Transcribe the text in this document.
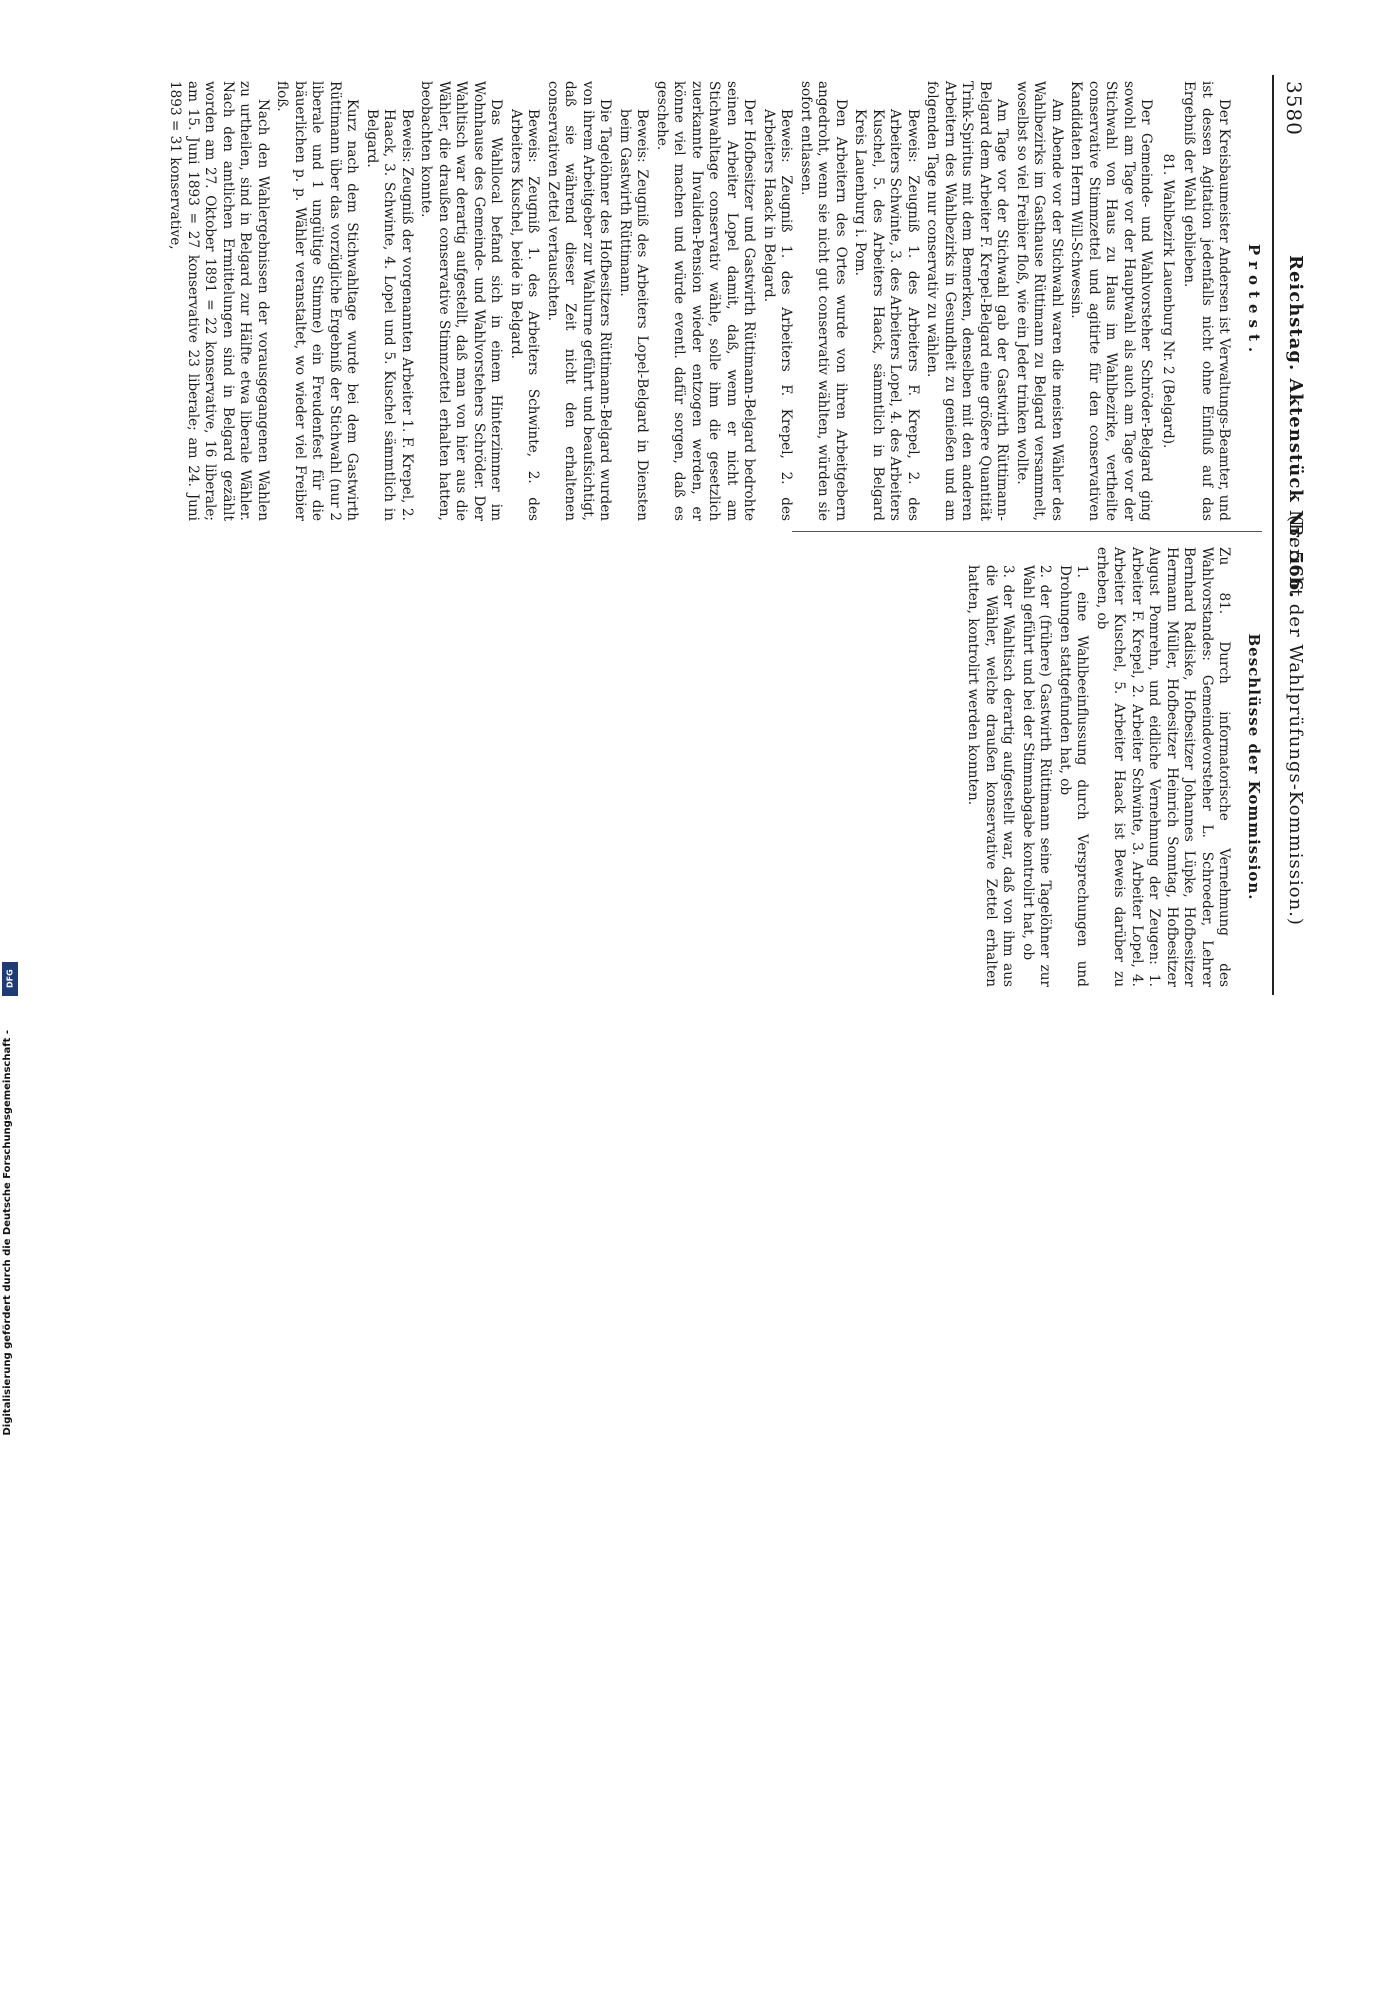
3580
Reichstag. Aktenstück Nr. 566.
(Bericht der Wahlprüfungs-Kommission.)
Protest.

Der Kreisbaumeister Andersen ist Verwaltungs-Beamter, und ist dessen Agitation jedenfalls nicht ohne Einfluß auf das Ergebniß der Wahl geblieben.

81. Wahlbezirk Lauenburg Nr. 2 (Belgard).

Der Gemeinde- und Wahlvorsteher Schröder-Belgard ging sowohl am Tage vor der Hauptwahl als auch am Tage vor der Stichwahl von Haus zu Haus im Wahlbezirke, vertheilte conservative Stimmzettel und agitirte für den conservativen Kandidaten Herrn Will-Schwessin.

Am Abende vor der Stichwahl waren die meisten Wähler des Wahlbezirks im Gasthause Rüttimann zu Belgard versammelt, woselbst so viel Freibier floß, wie ein Jeder trinken wollte.

Am Tage vor der Stichwahl gab der Gastwirth Rüttimann-Belgard dem Arbeiter F. Krepel-Belgard eine größere Quantität Trink-Spiritus mit dem Bemerken, denselben mit den anderen Arbeitern des Wahlbezirks in Gesundheit zu genießen und am folgenden Tage nur conservativ zu wählen.

Beweis: Zeugniß 1. des Arbeiters F. Krepel, 2. des Arbeiters Schwinte, 3. des Arbeiters Lopel, 4. des Arbeiters Kuschel, 5. des Arbeiters Haack, sämmtlich in Belgard Kreis Lauenburg i. Pom.

Den Arbeitern des Ortes wurde von ihren Arbeitgebern angedroht, wenn sie nicht gut conservativ wählten, würden sie sofort entlassen.

Beweis: Zeugniß 1. des Arbeiters F. Krepel, 2. des Arbeiters Haack in Belgard.

Der Hofbesitzer und Gastwirth Rüttimann-Belgard bedrohte seinen Arbeiter Lopel damit, daß, wenn er nicht am Stichwahltage conservativ wähle, solle ihm die gesetzlich zuerkannte Invaliden-Pension wieder entzogen werden, er könne viel machen und würde eventl. dafür sorgen, daß es geschehe.

Beweis: Zeugniß des Arbeiters Lopel-Belgard in Diensten beim Gastwirth Rüttimann.

Die Tagelöhner des Hofbesitzers Rüttimann-Belgard wurden von ihrem Arbeitgeber zur Wahlurne geführt und beaufsichtigt, daß sie während dieser Zeit nicht den erhaltenen conservativen Zettel vertauschten.

Beweis: Zeugniß 1. des Arbeiters Schwinte, 2. des Arbeiters Kuschel, beide in Belgard.

Das Wahllocal befand sich in einem Hinterzimmer im Wohnhause des Gemeinde- und Wahlvorstehers Schröder. Der Wahltisch war derartig aufgestellt, daß man von hier aus die Wähler, die draußen conservative Stimmzettel erhalten hatten, beobachten konnte.

Beweis: Zeugniß der vorgenannten Arbeiter 1. F. Krepel, 2. Haack, 3. Schwinte, 4. Lopel und 5. Kuschel sämmtlich in Belgard.

Kurz nach dem Stichwahltage wurde bei dem Gastwirth Rüttimann über das vorzügliche Ergebniß der Stichwahl (nur 2 liberale und 1 ungültige Stimme) ein Freudenfest für die bäuerlichen p. p. Wähler veranstaltet, wo wieder viel Freibier floß.

Nach den Wahlergebnissen der vorausgegangenen Wahlen zu urtheilen, sind in Belgard zur Hälfte etwa liberale Wähler. Nach den amtlichen Ermittelungen sind in Belgard gezählt worden am 27. Oktober 1891 = 22 konservative, 16 liberale; am 15. Juni 1893 = 27 konservative 23 liberale; am 24. Juni 1893 = 31 konservative,

Beschlüsse der Kommission.

Zu 81. Durch informatorische Vernehmung des Wahlvorstandes: Gemeindevorsteher L. Schroeder, Lehrer Bernhard Radiske, Hofbesitzer Johannes Lüpke, Hofbesitzer Hermann Müller, Hofbesitzer Heinrich Sonntag, Hofbesitzer August Pomrehn, und eidliche Vernehmung der Zeugen: 1. Arbeiter F. Krepel, 2. Arbeiter Schwinte, 3. Arbeiter Lopel, 4. Arbeiter Kuschel, 5. Arbeiter Haack ist Beweis darüber zu erheben, ob

1. eine Wahlbeeinflussung durch Versprechungen und Drohungen stattgefunden hat, ob

2. der (frühere) Gastwirth Rüttimann seine Tagelöhner zur Wahl geführt und bei der Stimmabgabe kontrolirt hat, ob

3. der Wahltisch derartig aufgestellt war, daß von ihm aus die Wähler, welche draußen konservative Zettel erhalten hatten, kontrolirt werden konnten.

Digitalisierung gefördert durch die Deutsche Forschungsgemeinschaft -
DFG
